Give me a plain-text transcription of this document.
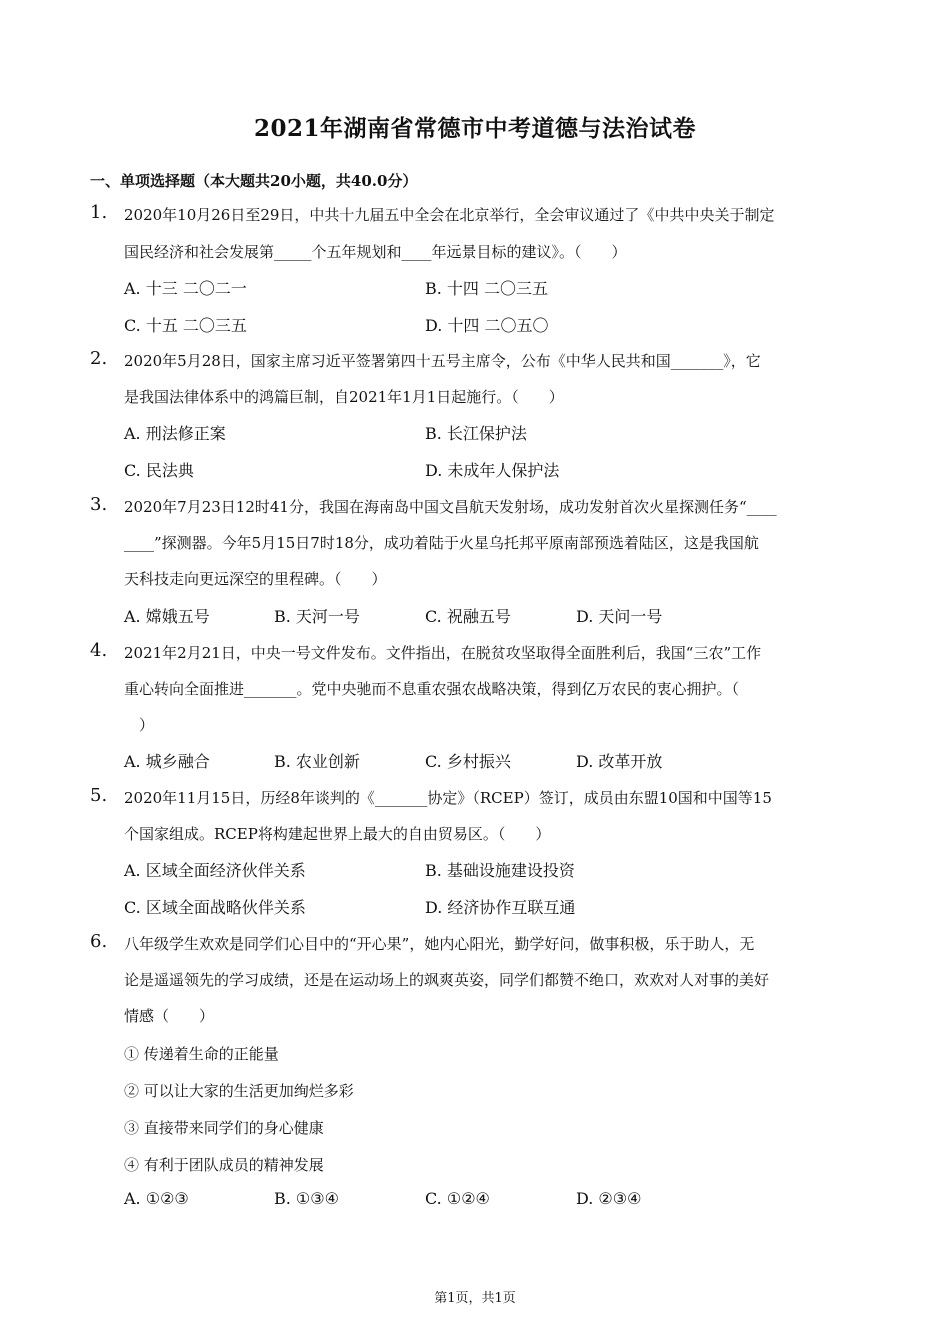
2021年湖南省常德市中考道德与法治试卷
一、单项选择题（本大题共20小题，共40.0分）
1. 2020年10月26日至29日，中共十九届五中全会在北京举行，全会审议通过了《中共中央关于制定
国民经济和社会发展第_____个五年规划和____年远景目标的建议》。（　　）
A. 十三 二〇二一	B. 十四 二〇三五
C. 十五 二〇三五	D. 十四 二〇五〇
2. 2020年5月28日，国家主席习近平签署第四十五号主席令，公布《中华人民共和国_______》，它
是我国法律体系中的鸿篇巨制，自2021年1月1日起施行。（　　）
A. 刑法修正案	B. 长江保护法
C. 民法典	D. 未成年人保护法
3. 2020年7月23日12时41分，我国在海南岛中国文昌航天发射场，成功发射首次火星探测任务“____
____”探测器。今年5月15日7时18分，成功着陆于火星乌托邦平原南部预选着陆区，这是我国航
天科技走向更远深空的里程碑。（　　）
A. 嫦娥五号	B. 天河一号	C. 祝融五号	D. 天问一号
4. 2021年2月21日，中央一号文件发布。文件指出，在脱贫攻坚取得全面胜利后，我国“三农”工作
重心转向全面推进_______。党中央驰而不息重农强农战略决策，得到亿万农民的衷心拥护。（
　）
A. 城乡融合	B. 农业创新	C. 乡村振兴	D. 改革开放
5. 2020年11月15日，历经8年谈判的《_______协定》（RCEP）签订，成员由东盟10国和中国等15
个国家组成。RCEP将构建起世界上最大的自由贸易区。（　　）
A. 区域全面经济伙伴关系	B. 基础设施建设投资
C. 区域全面战略伙伴关系	D. 经济协作互联互通
6. 八年级学生欢欢是同学们心目中的“开心果”，她内心阳光，勤学好问，做事积极，乐于助人，无
论是遥遥领先的学习成绩，还是在运动场上的飒爽英姿，同学们都赞不绝口，欢欢对人对事的美好
情感（　　）
① 传递着生命的正能量
② 可以让大家的生活更加绚烂多彩
③ 直接带来同学们的身心健康
④ 有利于团队成员的精神发展
A. ①②③	B. ①③④	C. ①②④	D. ②③④
第1页，共1页
